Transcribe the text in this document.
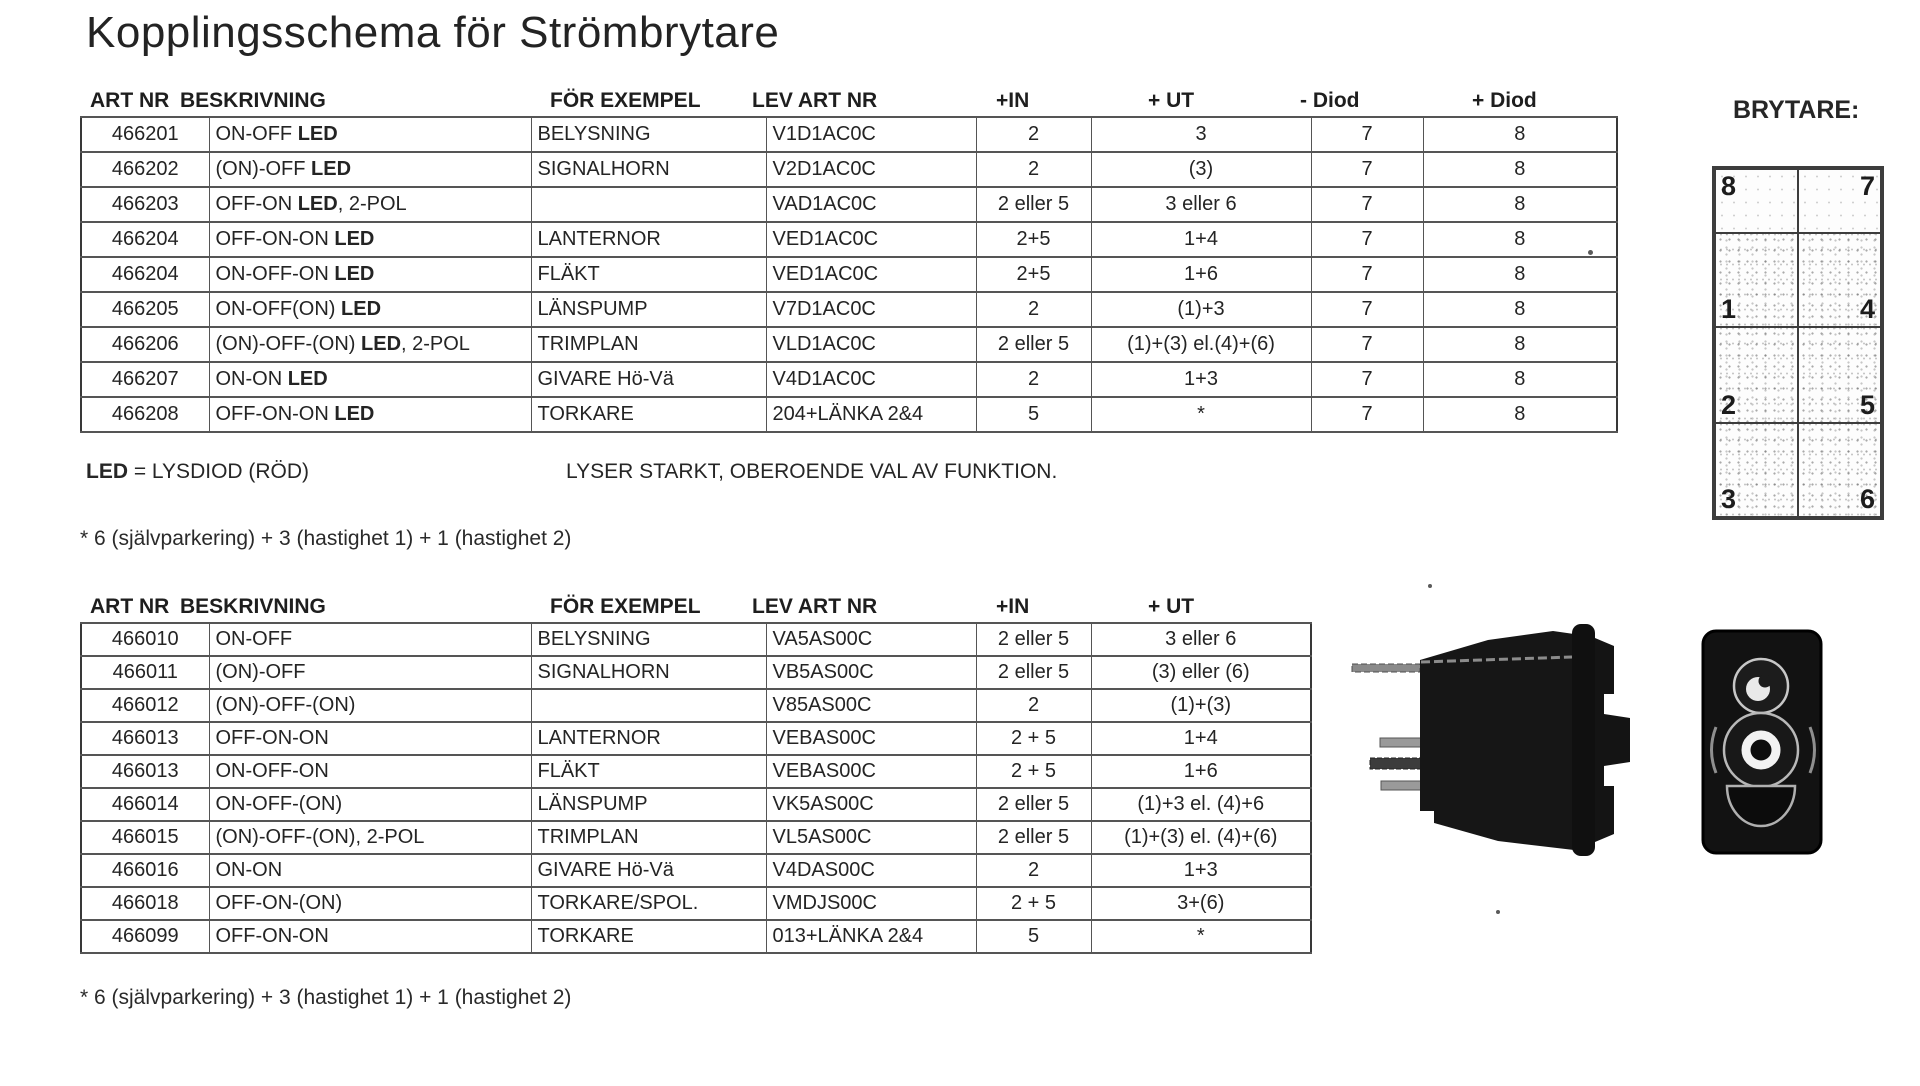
Kopplingsschema för Strömbrytare
ART NR BESKRIVNING	FÖR EXEMPEL LEV ART NR	+IN	+ UT	- Diod	+ Diod
466201	ON-OFF LED	BELYSNING	V1D1AC0C	2	3	7	8
466202	(ON)-OFF LED	SIGNALHORN	V2D1AC0C	2	(3)	7	8
466203	OFF-ON LED, 2-POL		VAD1AC0C	2 eller 5	3 eller 6	7	8
466204	OFF-ON-ON LED	LANTERNOR	VED1AC0C	2+5	1+4	7	8
466204	ON-OFF-ON LED	FLÄKT	VED1AC0C	2+5	1+6	7	8
466205	ON-OFF(ON) LED	LÄNSPUMP	V7D1AC0C	2	(1)+3	7	8
466206	(ON)-OFF-(ON) LED, 2-POL	TRIMPLAN	VLD1AC0C	2 eller 5	(1)+(3) el.(4)+(6)	7	8
466207	ON-ON LED	GIVARE Hö-Vä	V4D1AC0C	2	1+3	7	8
466208	OFF-ON-ON LED	TORKARE	204+LÄNKA 2&4	5	*	7	8
LED = LYSDIOD (RÖD)	LYSER STARKT, OBEROENDE VAL AV FUNKTION.
* 6 (självparkering) + 3 (hastighet 1) + 1 (hastighet 2)
ART NR BESKRIVNING	FÖR EXEMPEL LEV ART NR	+IN	+ UT
466010	ON-OFF	BELYSNING	VA5AS00C	2 eller 5	3 eller 6
466011	(ON)-OFF	SIGNALHORN	VB5AS00C	2 eller 5	(3) eller (6)
466012	(ON)-OFF-(ON)		V85AS00C	2	(1)+(3)
466013	OFF-ON-ON	LANTERNOR	VEBAS00C	2 + 5	1+4
466013	ON-OFF-ON	FLÄKT	VEBAS00C	2 + 5	1+6
466014	ON-OFF-(ON)	LÄNSPUMP	VK5AS00C	2 eller 5	(1)+3 el. (4)+6
466015	(ON)-OFF-(ON), 2-POL	TRIMPLAN	VL5AS00C	2 eller 5	(1)+(3) el. (4)+(6)
466016	ON-ON	GIVARE Hö-Vä	V4DAS00C	2	1+3
466018	OFF-ON-(ON)	TORKARE/SPOL.	VMDJS00C	2 + 5	3+(6)
466099	OFF-ON-ON	TORKARE	013+LÄNKA 2&4	5	*
* 6 (självparkering) + 3 (hastighet 1) + 1 (hastighet 2)
BRYTARE:
8	7
1	4
2	5
3	6
